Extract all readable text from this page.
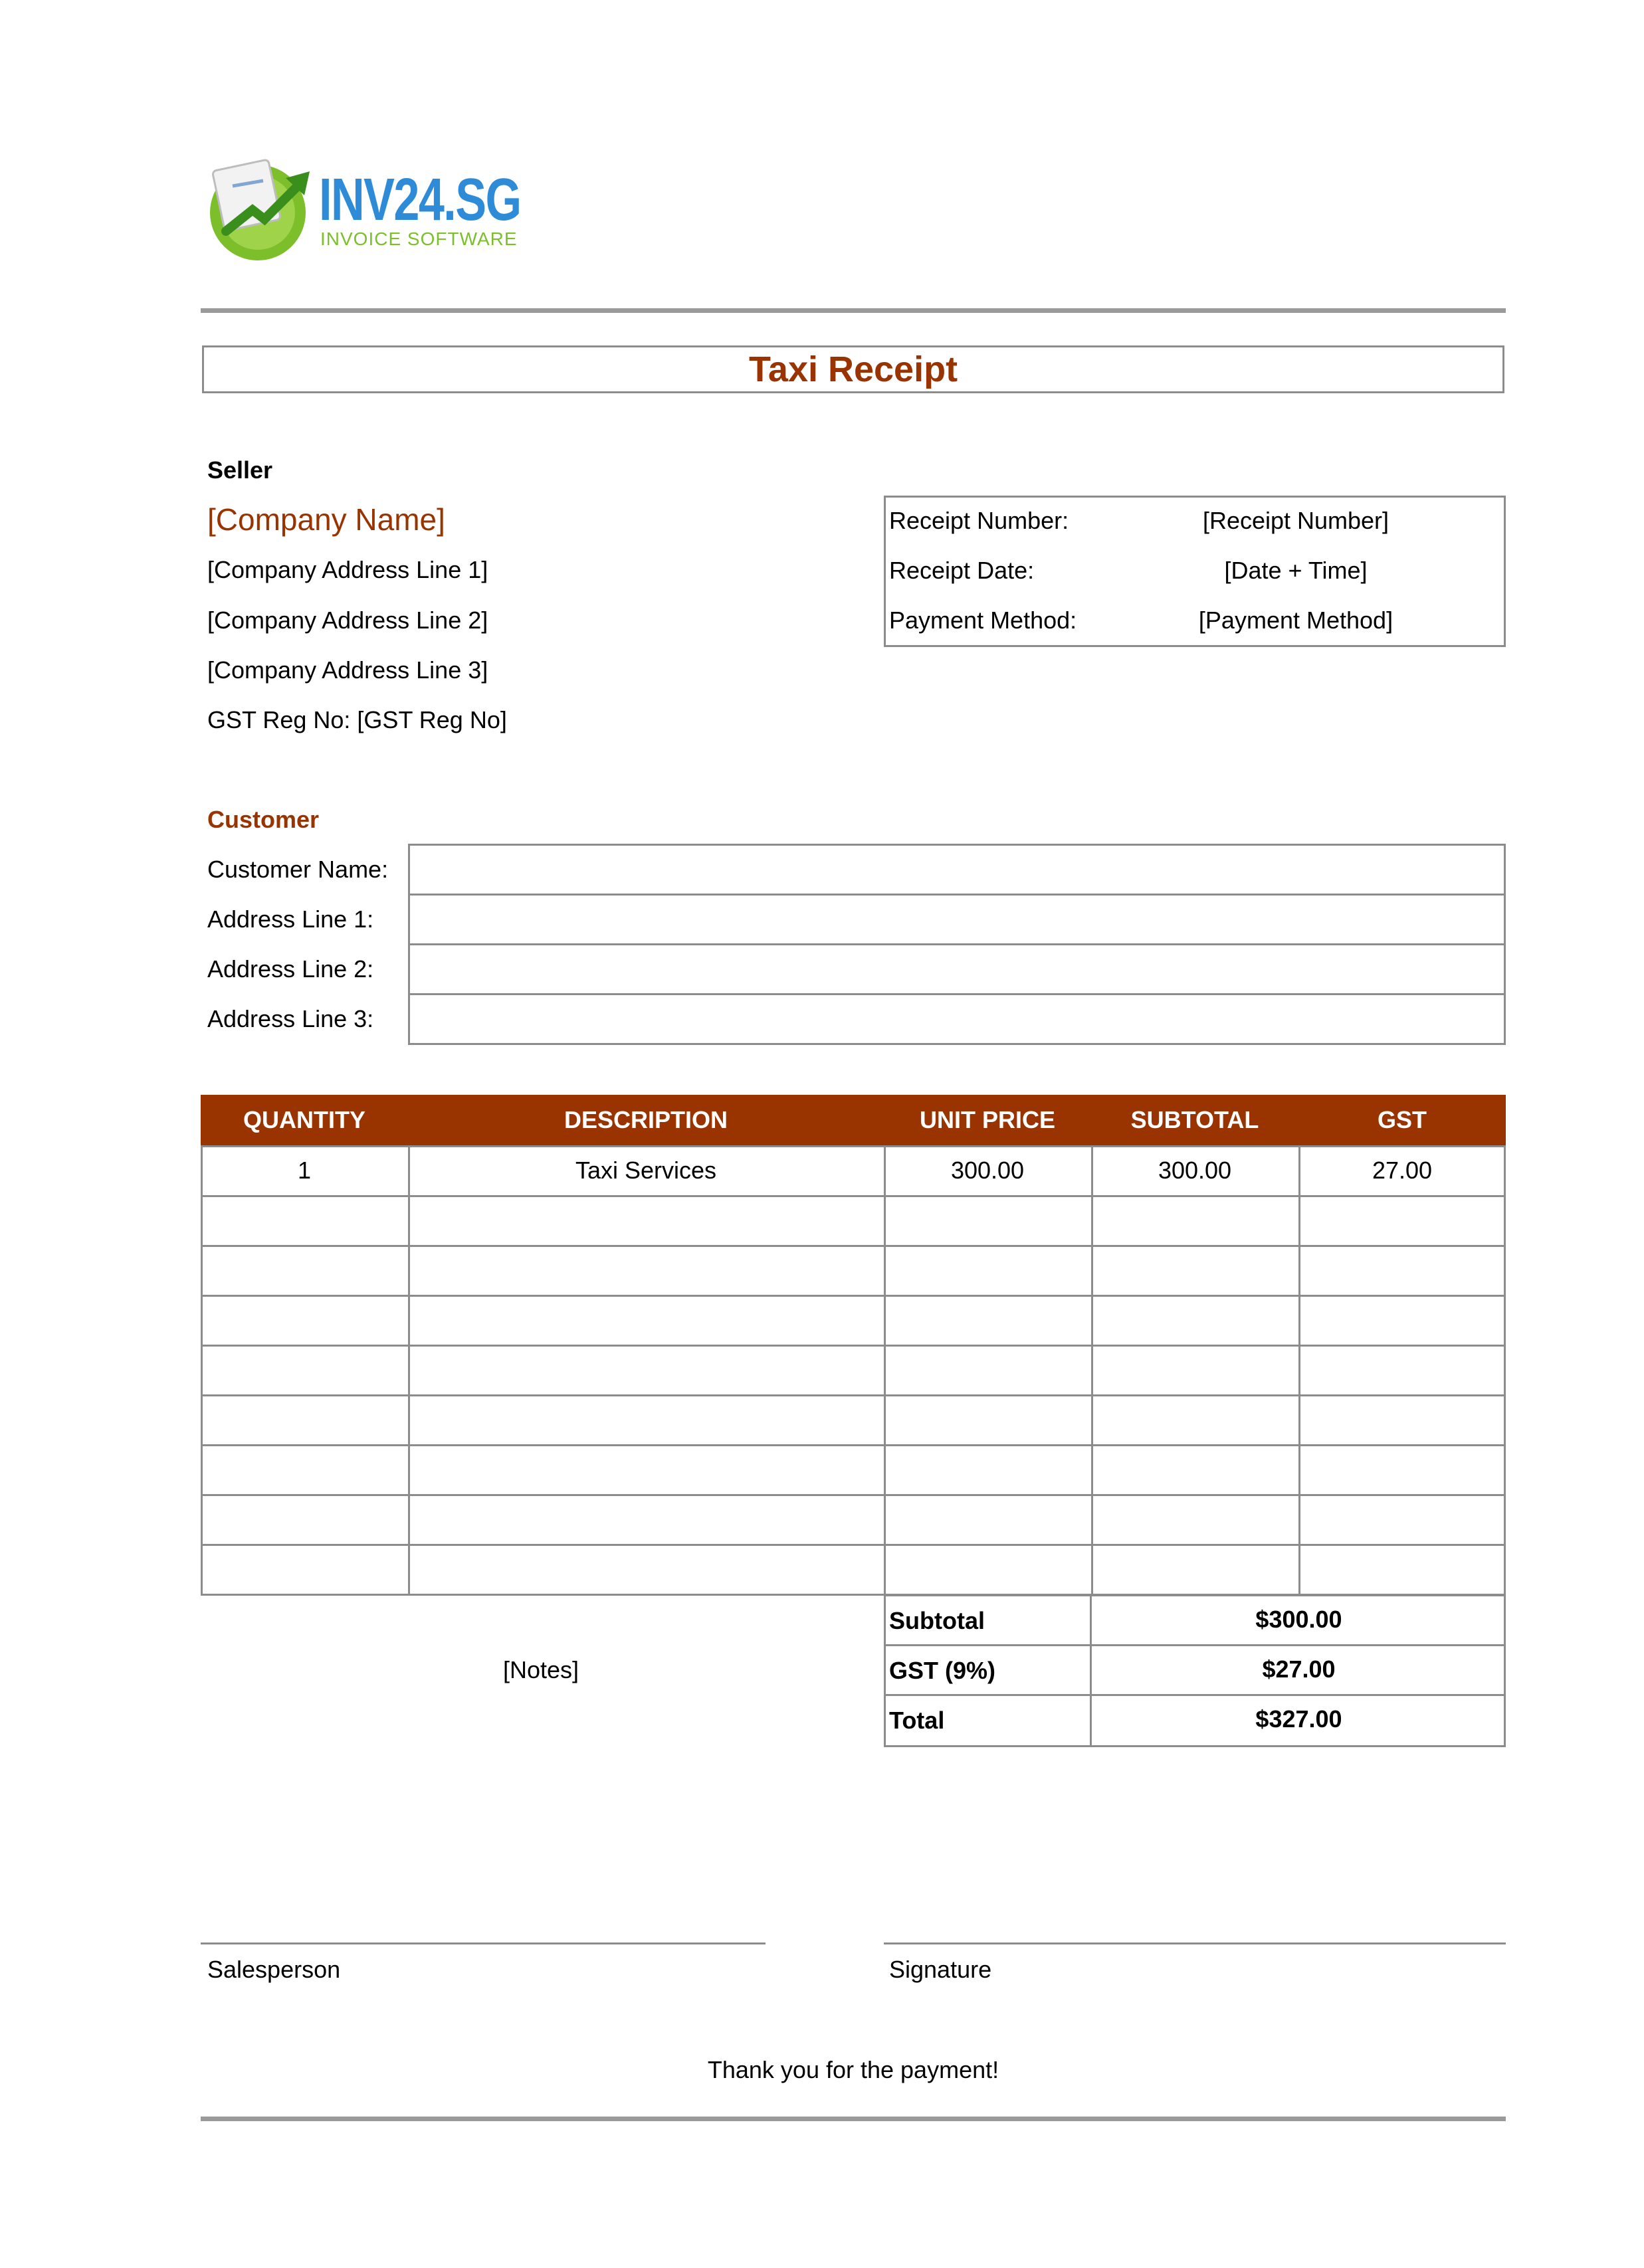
INV24.SG
INVOICE SOFTWARE
Taxi Receipt
Seller
[Company Name]
[Company Address Line 1]
[Company Address Line 2]
[Company Address Line 3]
GST Reg No: [GST Reg No]
Receipt Number:	[Receipt Number]
Receipt Date:	[Date + Time]
Payment Method:	[Payment Method]
Customer
Customer Name:
Address Line 1:
Address Line 2:
Address Line 3:
QUANTITY	DESCRIPTION	UNIT PRICE	SUBTOTAL	GST
1	Taxi Services	300.00	300.00	27.00
[Notes]
Subtotal	$300.00
GST (9%)	$27.00
Total	$327.00
Salesperson	Signature
Thank you for the payment!
